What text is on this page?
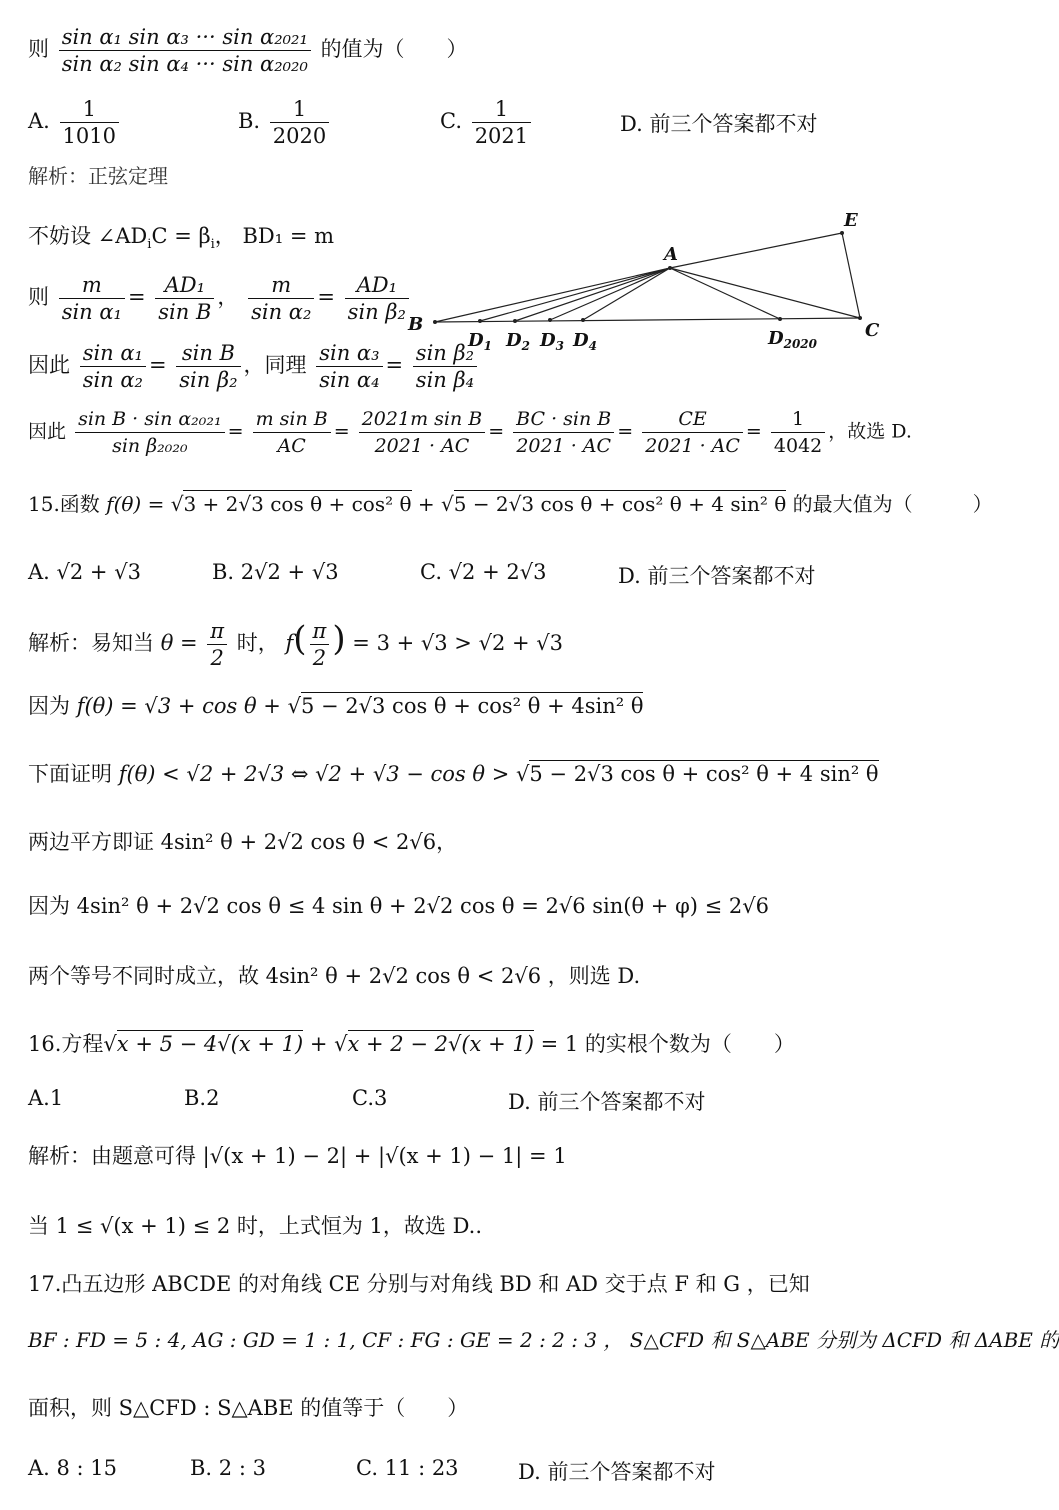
则 $\frac{\text{sin α₁ sin α₃ ··· sin α₂₀₂₁}}{\text{sin α₂ sin α₄ ··· sin α₂₀₂₀}}$ 的值为（　　）
A. $\frac{1}{1010}$	B. $\frac{1}{2020}$	C. $\frac{1}{2021}$	D. 前三个答案都不对
解析：正弦定理
不妨设 $\angle AD_iC = \beta_i$， BD₁ = m
则 $\frac{m}{\text{sin α₁}} = \frac{\text{AD₁}}{\text{sin B}}$ ， $\frac{m}{\text{sin α₂}} = \frac{\text{AD₁}}{\text{sin β₂}}$
因此 $\frac{\text{sin α₁}}{\text{sin α₂}} = \frac{\text{sin B}}{\text{sin β₂}}$ ，同理 $\frac{\text{sin α₃}}{\text{sin α₄}} = \frac{\text{sin β₂}}{\text{sin β₄}}$
因此 $\frac{\text{sin B · sin α₂₀₂₁}}{\text{sin β₂₀₂₀}} = \frac{\text{m sin B}}{AC} = \frac{\text{2021m sin B}}{2021 \cdot AC} = \frac{\text{BC · sin B}}{2021 \cdot AC} = \frac{CE}{2021 \cdot AC} = \frac{1}{4042}$ ，故选 D.
E
A
B	C
$D_1$ $D_2$ $D_3$ $D_4$	$D_{2020}$
15.函数 f(θ) = √3 + 2√3 cos θ + cos² θ + √5 − 2√3 cos θ + cos² θ + 4 sin² θ 的最大值为（　　　）
A. √2 + √3	B. 2√2 + √3	C. √2 + 2√3	D. 前三个答案都不对
解析：易知当 $\theta = \frac{\pi}{2}$ 时， $f( \frac{\pi}{2}$ ) = 3 + √3 > √2 + √3
因为 f(θ) = √3 + cos θ + √5 − 2√3 cos θ + cos² θ + 4sin² θ
下面证明 f(θ) < √2 + 2√3 ⇔ √2 + √3 − cos θ > √5 − 2√3 cos θ + cos² θ + 4 sin² θ
两边平方即证 4sin² θ + 2√2 cos θ < 2√6，
因为 4sin² θ + 2√2 cos θ ≤ 4 sin θ + 2√2 cos θ = 2√6 sin(θ + φ) ≤ 2√6
两个等号不同时成立，故 4sin² θ + 2√2 cos θ < 2√6 ，则选 D.
16.方程√x + 5 − 4√(x + 1) + √x + 2 − 2√(x + 1) = 1 的实根个数为（　　）
A.1	B.2	C.3	D. 前三个答案都不对
解析：由题意可得 |√(x + 1) − 2| + |√(x + 1) − 1| = 1
当 1 ≤ √(x + 1) ≤ 2 时，上式恒为 1，故选 D..
17.凸五边形 ABCDE 的对角线 CE 分别与对角线 BD 和 AD 交于点 F 和 G ，已知
BF : FD = 5 : 4, AG : GD = 1 : 1, CF : FG : GE = 2 : 2 : 3 ， S△CFD 和 S△ABE 分别为 ΔCFD 和 ΔABE 的
面积，则 S△CFD : S△ABE 的值等于（　　）
A. 8 : 15	B. 2 : 3	C. 11 : 23	D. 前三个答案都不对
